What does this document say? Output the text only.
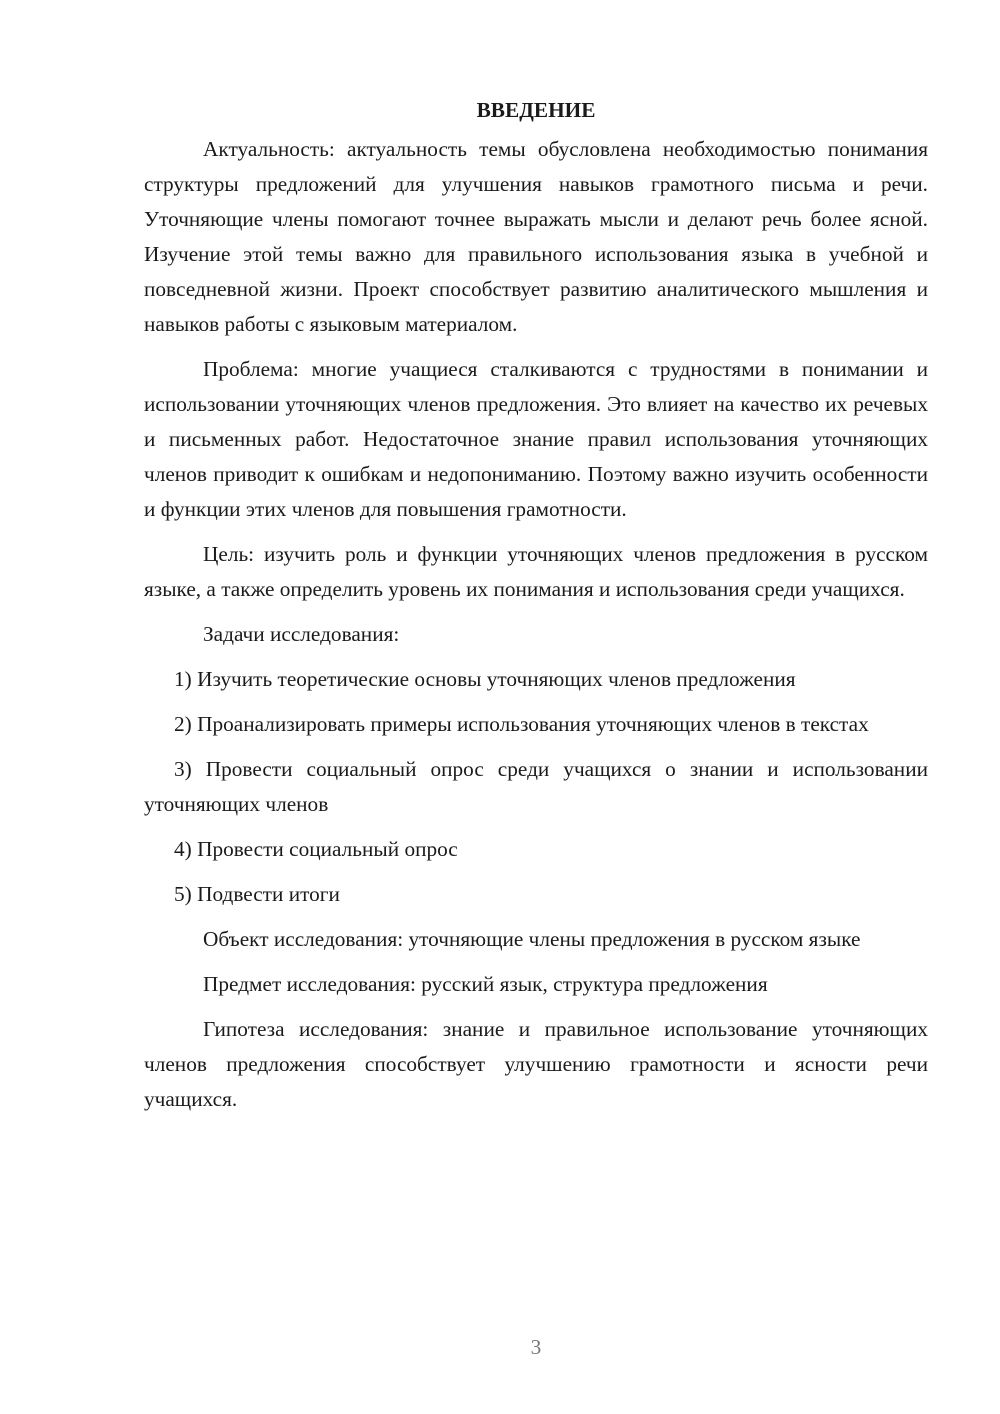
ВВЕДЕНИЕ

Актуальность: актуальность темы обусловлена необходимостью понимания структуры предложений для улучшения навыков грамотного письма и речи. Уточняющие члены помогают точнее выражать мысли и делают речь более ясной. Изучение этой темы важно для правильного использования языка в учебной и повседневной жизни. Проект способствует развитию аналитического мышления и навыков работы с языковым материалом.

Проблема: многие учащиеся сталкиваются с трудностями в понимании и использовании уточняющих членов предложения. Это влияет на качество их речевых и письменных работ. Недостаточное знание правил использования уточняющих членов приводит к ошибкам и недопониманию. Поэтому важно изучить особенности и функции этих членов для повышения грамотности.

Цель: изучить роль и функции уточняющих членов предложения в русском языке, а также определить уровень их понимания и использования среди учащихся.

Задачи исследования:

1) Изучить теоретические основы уточняющих членов предложения

2) Проанализировать примеры использования уточняющих членов в текстах

3) Провести социальный опрос среди учащихся о знании и использовании уточняющих членов

4) Провести социальный опрос

5) Подвести итоги

Объект исследования: уточняющие члены предложения в русском языке

Предмет исследования: русский язык, структура предложения

Гипотеза исследования: знание и правильное использование уточняющих членов предложения способствует улучшению грамотности и ясности речи учащихся.

3
